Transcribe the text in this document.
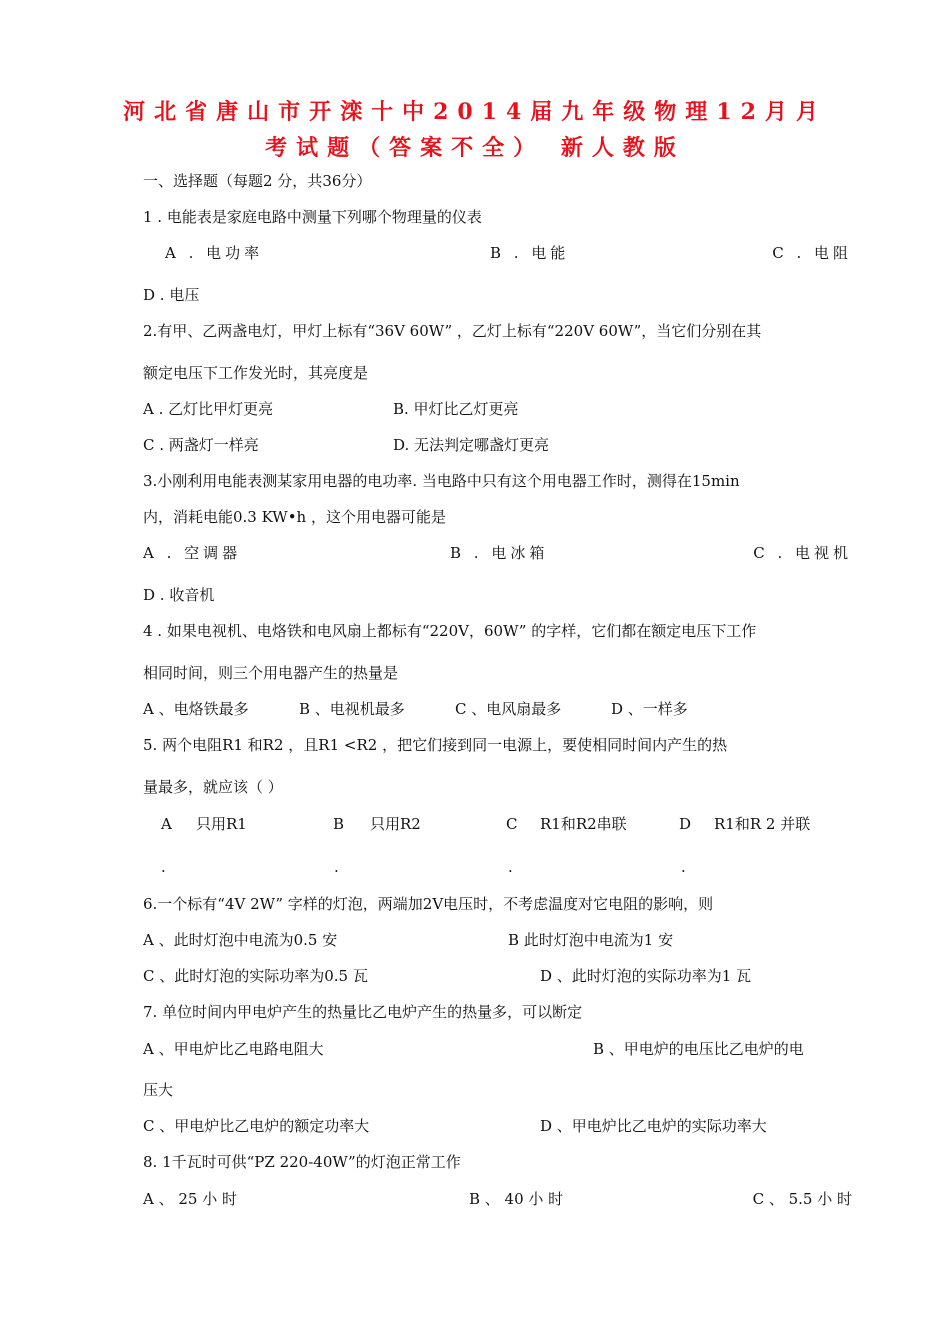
河北省唐山市开滦十中2014届九年级物理12月月
考试题（答案不全） 新人教版
一、选择题（每题2 分，共36分）
1 . 电能表是家庭电路中测量下列哪个物理量的仪表
A . 电功率	B . 电能	C . 电阻
D . 电压
2.有甲、乙两盏电灯，甲灯上标有“36V 60W” ，乙灯上标有“220V 60W”，当它们分别在其
额定电压下工作发光时，其亮度是
A . 乙灯比甲灯更亮	B. 甲灯比乙灯更亮
C . 两盏灯一样亮	D. 无法判定哪盏灯更亮
3.小刚利用电能表测某家用电器的电功率. 当电路中只有这个用电器工作时，测得在15min
内，消耗电能0.3 KW•h ，这个用电器可能是
A . 空调器	B . 电冰箱	C . 电视机
D . 收音机
4 . 如果电视机、电烙铁和电风扇上都标有“220V，60W” 的字样，它们都在额定电压下工作
相同时间，则三个用电器产生的热量是
A 、电烙铁最多	B 、电视机最多	C 、电风扇最多	D 、一样多
5. 两个电阻R1 和R2 ，且R1 <R2 ，把它们接到同一电源上，要使相同时间内产生的热
量最多，就应该（ ）
A 只用R1	B 只用R2	C R1和R2串联	D R1和R 2 并联
.	.	.	.
6.一个标有“4V 2W” 字样的灯泡，两端加2V电压时，不考虑温度对它电阻的影响，则
A 、此时灯泡中电流为0.5 安	B 此时灯泡中电流为1 安
C 、此时灯泡的实际功率为0.5 瓦	D 、此时灯泡的实际功率为1 瓦
7. 单位时间内甲电炉产生的热量比乙电炉产生的热量多，可以断定
A 、甲电炉比乙电路电阻大	B 、甲电炉的电压比乙电炉的电
压大
C 、甲电炉比乙电炉的额定功率大	D 、甲电炉比乙电炉的实际功率大
8. 1千瓦时可供“PZ 220-40W”的灯泡正常工作
A 、 25 小 时	B 、 40 小 时	C 、 5.5 小 时
